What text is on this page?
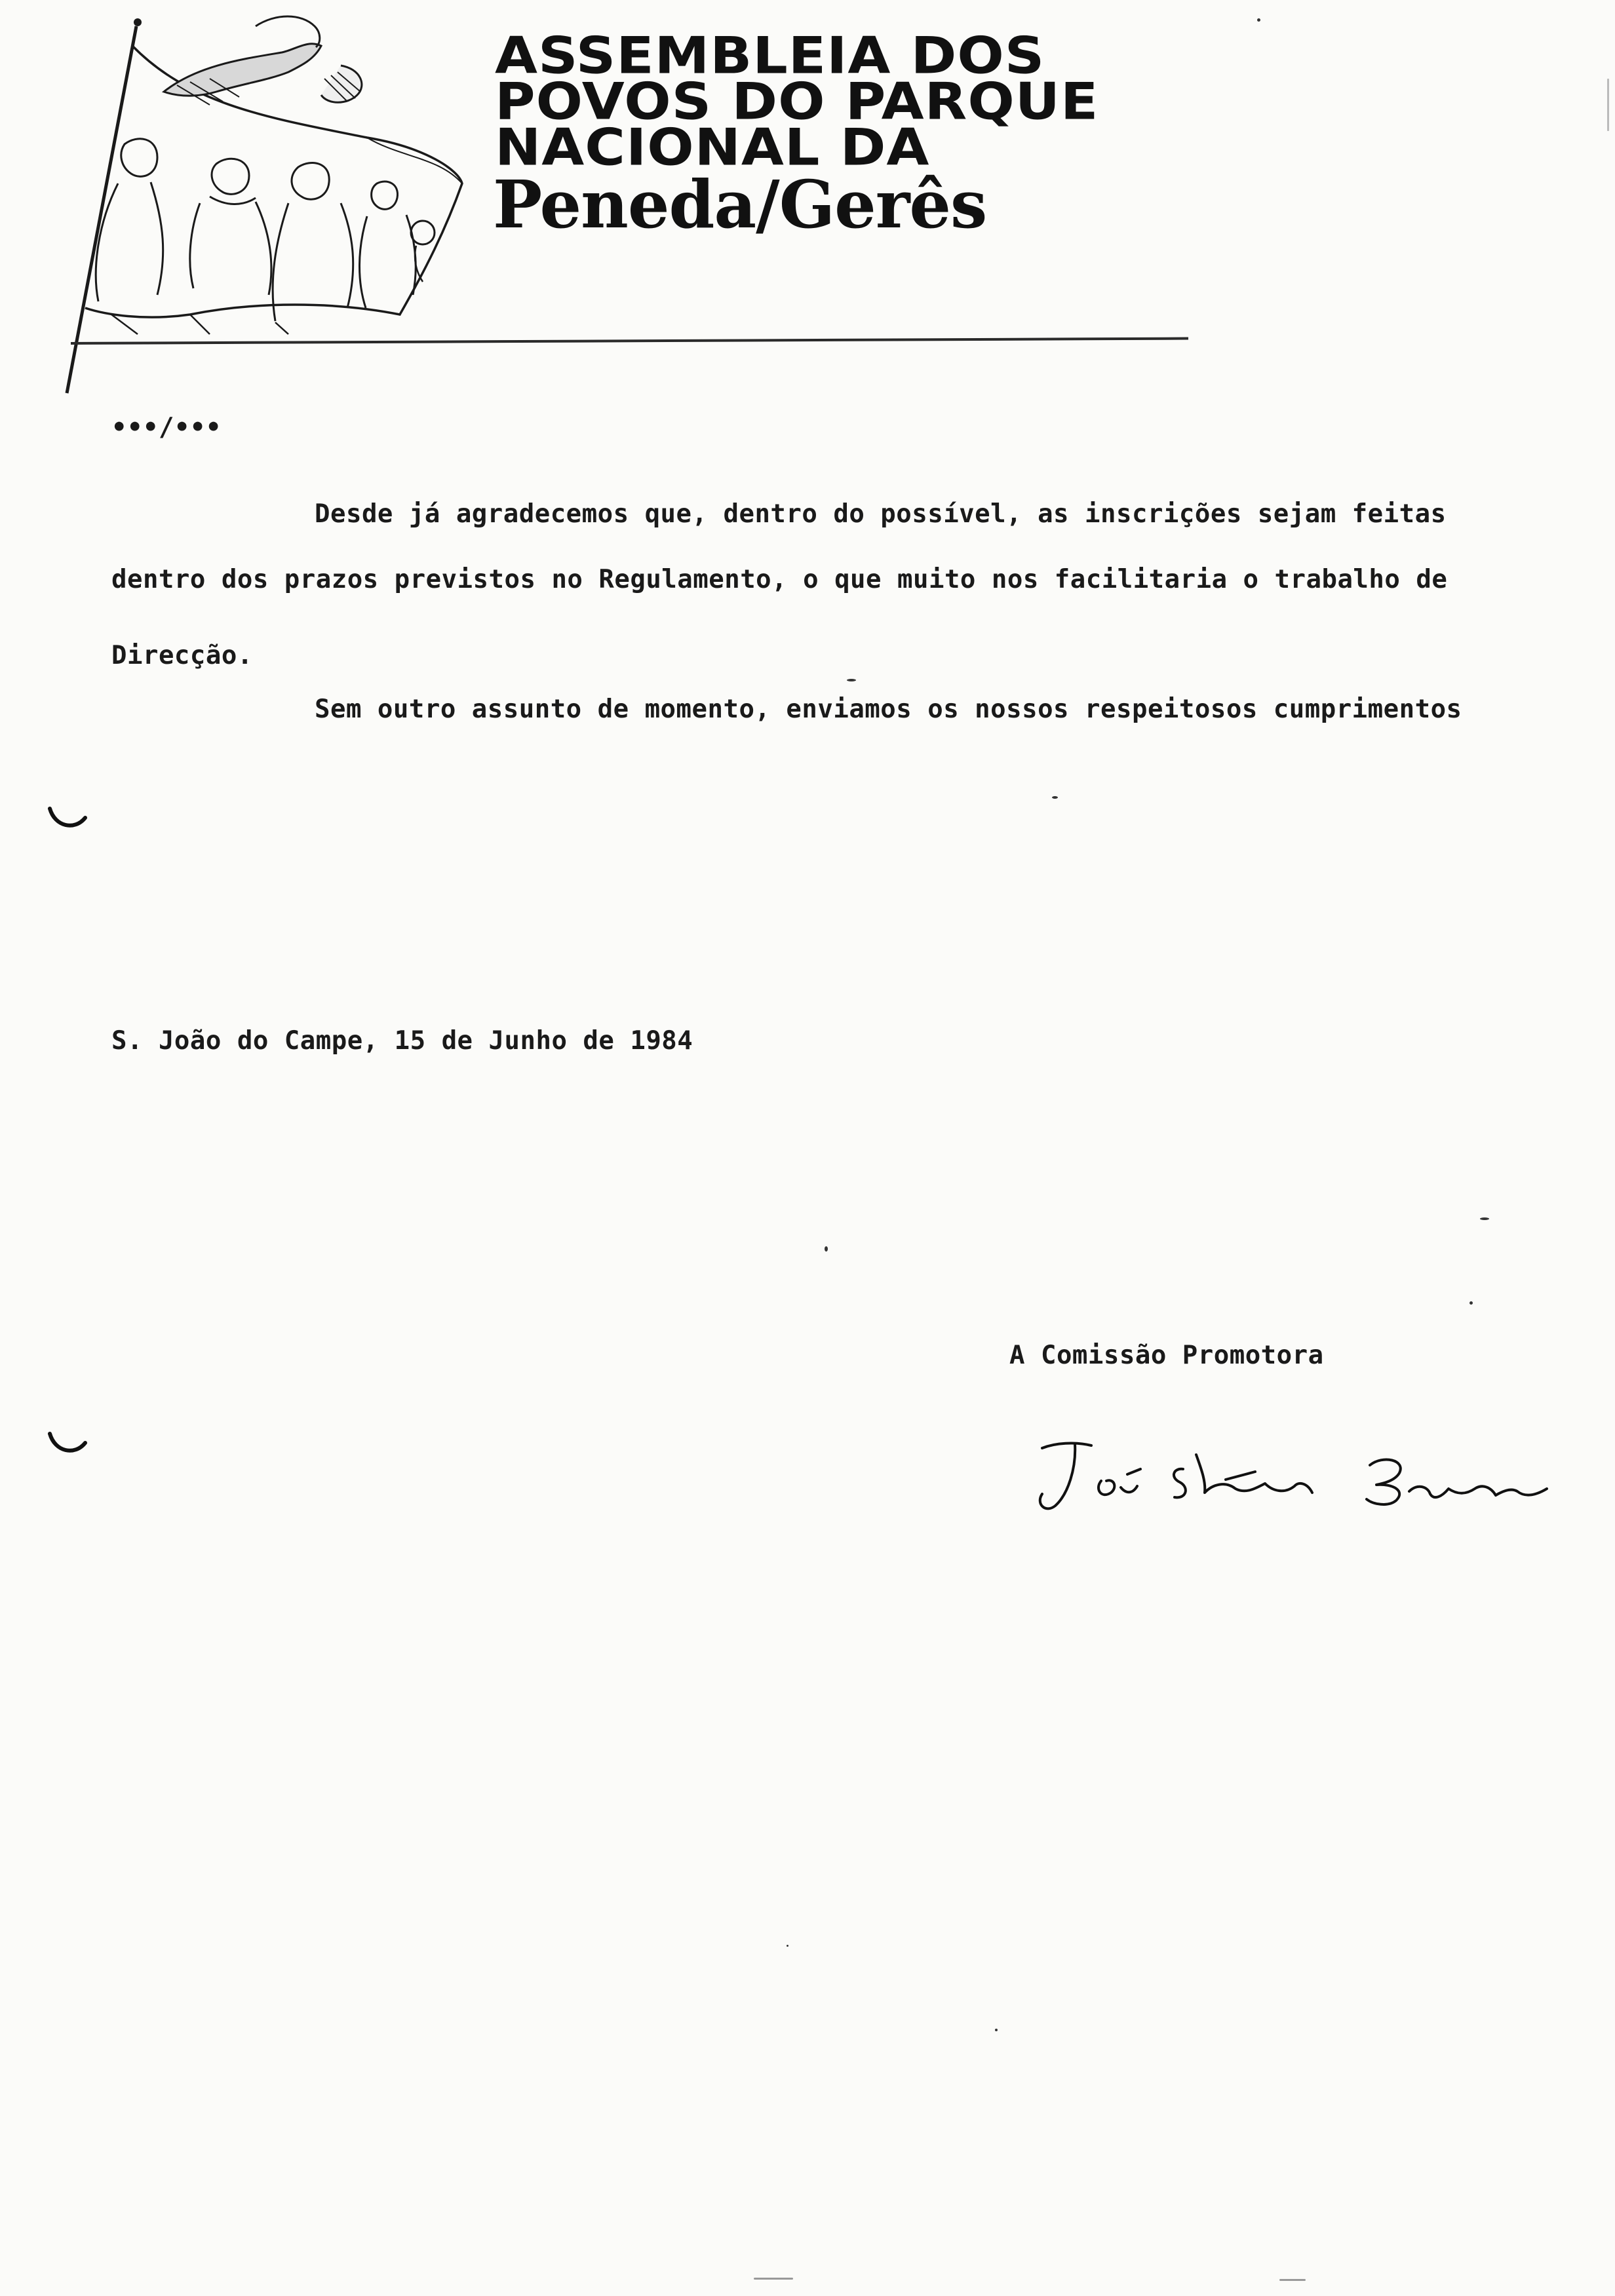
ASSEMBLEIA DOS
POVOS DO PARQUE
NACIONAL DA
Peneda/Gerês
•••/•••
Desde já agradecemos que, dentro do possível, as inscrições sejam feitas
dentro dos prazos previstos no Regulamento, o que muito nos facilitaria o trabalho de
Direcção.
Sem outro assunto de momento, enviamos os nossos respeitosos cumprimentos
S. João do Campe, 15 de Junho de 1984
A Comissão Promotora
